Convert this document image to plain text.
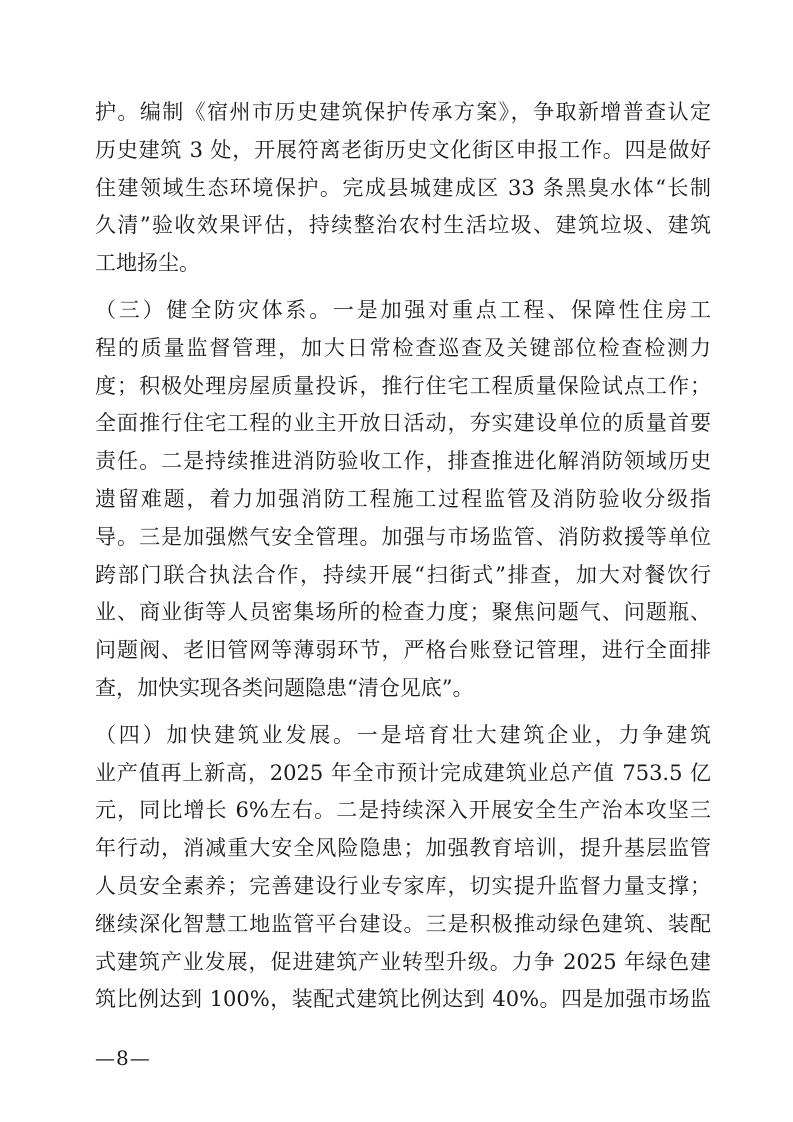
护。编制《宿州市历史建筑保护传承方案》，争取新增普查认定
历史建筑 3 处，开展符离老街历史文化街区申报工作。四是做好
住建领域生态环境保护。完成县城建成区 33 条黑臭水体“长制
久清”验收效果评估，持续整治农村生活垃圾、建筑垃圾、建筑
工地扬尘。
（三）健全防灾体系。一是加强对重点工程、保障性住房工
程的质量监督管理，加大日常检查巡查及关键部位检查检测力
度；积极处理房屋质量投诉，推行住宅工程质量保险试点工作；
全面推行住宅工程的业主开放日活动，夯实建设单位的质量首要
责任。二是持续推进消防验收工作，排查推进化解消防领域历史
遗留难题，着力加强消防工程施工过程监管及消防验收分级指
导。三是加强燃气安全管理。加强与市场监管、消防救援等单位
跨部门联合执法合作，持续开展“扫街式”排查，加大对餐饮行
业、商业街等人员密集场所的检查力度；聚焦问题气、问题瓶、
问题阀、老旧管网等薄弱环节，严格台账登记管理，进行全面排
查，加快实现各类问题隐患“清仓见底”。
（四）加快建筑业发展。一是培育壮大建筑企业，力争建筑
业产值再上新高，2025 年全市预计完成建筑业总产值 753.5 亿
元，同比增长 6%左右。二是持续深入开展安全生产治本攻坚三
年行动，消减重大安全风险隐患；加强教育培训，提升基层监管
人员安全素养；完善建设行业专家库，切实提升监督力量支撑；
继续深化智慧工地监管平台建设。三是积极推动绿色建筑、装配
式建筑产业发展，促进建筑产业转型升级。力争 2025 年绿色建
筑比例达到 100%，装配式建筑比例达到 40%。四是加强市场监
—8—
